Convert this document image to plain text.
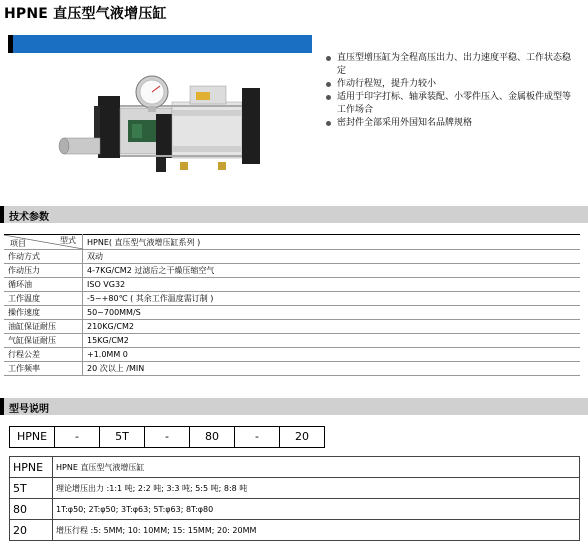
HPNE 直压型气液增压缸
直压型增压缸为全程高压出力、出力速度平稳、工作状态稳定
作动行程短，提升力较小
适用于印字打标、轴承装配、小零件压入、金属板件成型等工作场合
密封件全部采用外国知名品牌规格
技术参数
型式
项目	HPNE( 直压型气液增压缸系列 )
作动方式	双动
作动压力	4-7KG/CM2 过滤后之干燥压缩空气
循环油	ISO VG32
工作温度	-5~+80℃ ( 其余工作温度需订制 )
操作速度	50~700MM/S
油缸保证耐压	210KG/CM2
气缸保证耐压	15KG/CM2
行程公差	+1.0MM 0
工作频率	20 次以上 /MIN
型号说明
HPNE	-	5T	-	80	-	20
HPNE	HPNE 直压型气液增压缸
5T	理论增压出力 :1:1 吨; 2:2 吨; 3:3 吨; 5:5 吨; 8:8 吨
80	1T:φ50; 2T:φ50; 3T:φ63; 5T:φ63; 8T:φ80
20	增压行程 :5: 5MM; 10: 10MM; 15: 15MM; 20: 20MM
